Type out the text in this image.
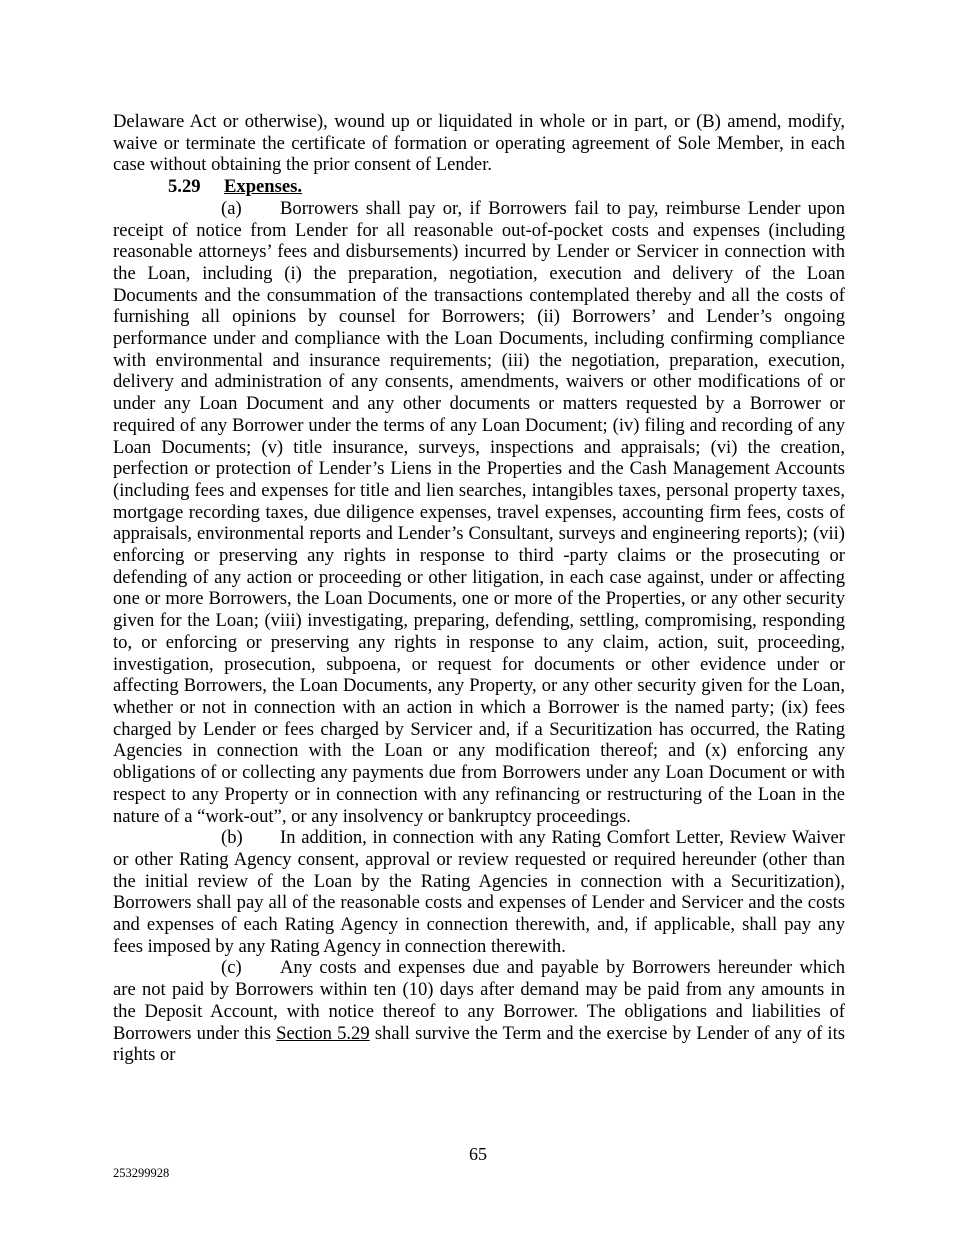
Delaware Act or otherwise), wound up or liquidated in whole or in part, or (B) amend, modify, waive or terminate the certificate of formation or operating agreement of Sole Member, in each case without obtaining the prior consent of Lender.

5.29 Expenses.

(a) Borrowers shall pay or, if Borrowers fail to pay, reimburse Lender upon receipt of notice from Lender for all reasonable out-of-pocket costs and expenses (including reasonable attorneys’ fees and disbursements) incurred by Lender or Servicer in connection with the Loan, including (i) the preparation, negotiation, execution and delivery of the Loan Documents and the consummation of the transactions contemplated thereby and all the costs of furnishing all opinions by counsel for Borrowers; (ii) Borrowers’ and Lender’s ongoing performance under and compliance with the Loan Documents, including confirming compliance with environmental and insurance requirements; (iii) the negotiation, preparation, execution, delivery and administration of any consents, amendments, waivers or other modifications of or under any Loan Document and any other documents or matters requested by a Borrower or required of any Borrower under the terms of any Loan Document; (iv) filing and recording of any Loan Documents; (v) title insurance, surveys, inspections and appraisals; (vi) the creation, perfection or protection of Lender’s Liens in the Properties and the Cash Management Accounts (including fees and expenses for title and lien searches, intangibles taxes, personal property taxes, mortgage recording taxes, due diligence expenses, travel expenses, accounting firm fees, costs of appraisals, environmental reports and Lender’s Consultant, surveys and engineering reports); (vii) enforcing or preserving any rights in response to third -party claims or the prosecuting or defending of any action or proceeding or other litigation, in each case against, under or affecting one or more Borrowers, the Loan Documents, one or more of the Properties, or any other security given for the Loan; (viii) investigating, preparing, defending, settling, compromising, responding to, or enforcing or preserving any rights in response to any claim, action, suit, proceeding, investigation, prosecution, subpoena, or request for documents or other evidence under or affecting Borrowers, the Loan Documents, any Property, or any other security given for the Loan, whether or not in connection with an action in which a Borrower is the named party; (ix) fees charged by Lender or fees charged by Servicer and, if a Securitization has occurred, the Rating Agencies in connection with the Loan or any modification thereof; and (x) enforcing any obligations of or collecting any payments due from Borrowers under any Loan Document or with respect to any Property or in connection with any refinancing or restructuring of the Loan in the nature of a “work-out”, or any insolvency or bankruptcy proceedings.

(b) In addition, in connection with any Rating Comfort Letter, Review Waiver or other Rating Agency consent, approval or review requested or required hereunder (other than the initial review of the Loan by the Rating Agencies in connection with a Securitization), Borrowers shall pay all of the reasonable costs and expenses of Lender and Servicer and the costs and expenses of each Rating Agency in connection therewith, and, if applicable, shall pay any fees imposed by any Rating Agency in connection therewith.

(c) Any costs and expenses due and payable by Borrowers hereunder which are not paid by Borrowers within ten (10) days after demand may be paid from any amounts in the Deposit Account, with notice thereof to any Borrower. The obligations and liabilities of Borrowers under this Section 5.29 shall survive the Term and the exercise by Lender of any of its rights or

65
253299928
